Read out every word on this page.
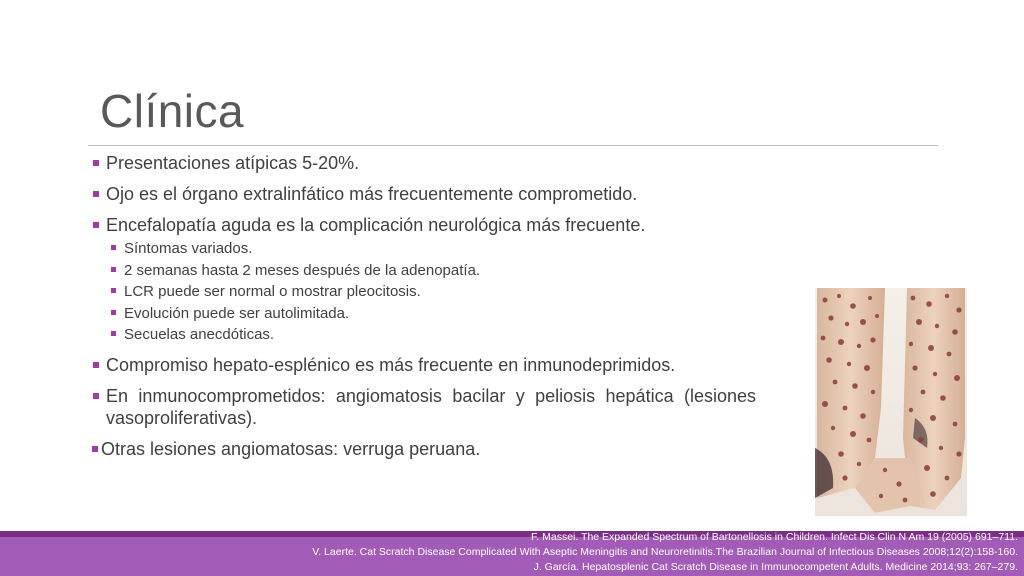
Clínica
Presentaciones atípicas 5-20%.
Ojo es el órgano extralinfático más frecuentemente comprometido.
Encefalopatía aguda es la complicación neurológica más frecuente.
Síntomas variados.
2 semanas hasta 2 meses después de la adenopatía.
LCR puede ser normal o mostrar pleocitosis.
Evolución puede ser autolimitada.
Secuelas anecdóticas.
Compromiso hepato-esplénico es más frecuente en inmunodeprimidos.
En inmunocomprometidos: angiomatosis bacilar y peliosis hepática (lesiones vasoproliferativas).
Otras lesiones angiomatosas: verruga peruana.
F. Massei. The Expanded Spectrum of Bartonellosis in Children. Infect Dis Clin N Am 19 (2005) 691–711.
V. Laerte. Cat Scratch Disease Complicated With Aseptic Meningitis and Neuroretinitis.The Brazilian Journal of Infectious Diseases 2008;12(2):158-160.
J. García. Hepatosplenic Cat Scratch Disease in Immunocompetent Adults. Medicine 2014;93: 267–279.
